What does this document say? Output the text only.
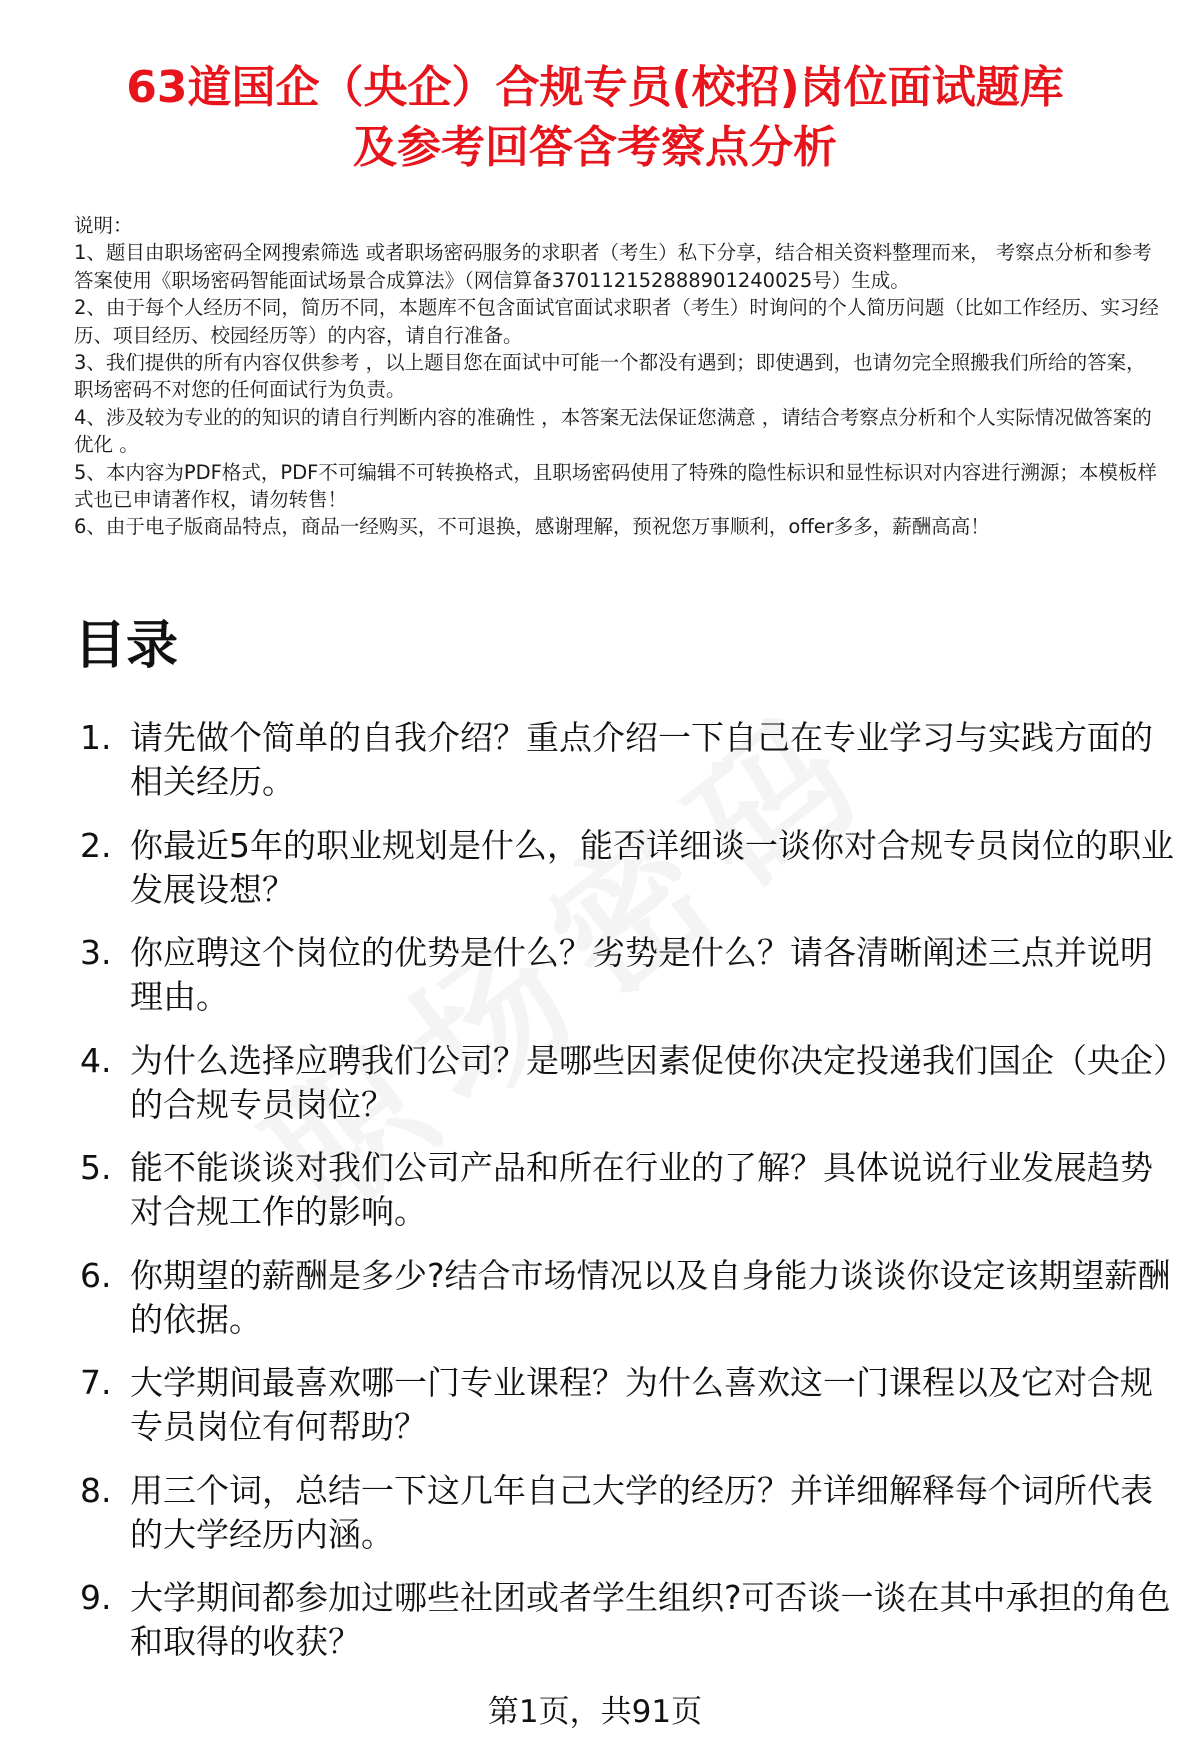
63道国企（央企）合规专员(校招)岗位面试题库
及参考回答含考察点分析

说明：

1、题目由职场密码全网搜索筛选 或者职场密码服务的求职者（考生）私下分享，结合相关资料整理而来， 考察点分析和参考答案使用《职场密码智能面试场景合成算法》（网信算备370112152888901240025号）生成。

2、由于每个人经历不同，简历不同，本题库不包含面试官面试求职者（考生）时询问的个人简历问题（比如工作经历、实习经历、项目经历、校园经历等）的内容，请自行准备。

3、我们提供的所有内容仅供参考 ，以上题目您在面试中可能一个都没有遇到；即使遇到，也请勿完全照搬我们所给的答案，职场密码不对您的任何面试行为负责。

4、涉及较为专业的的知识的请自行判断内容的准确性 ，本答案无法保证您满意 ，请结合考察点分析和个人实际情况做答案的优化 。

5、本内容为PDF格式，PDF不可编辑不可转换格式，且职场密码使用了特殊的隐性标识和显性标识对内容进行溯源；本模板样式也已申请著作权，请勿转售！

6、由于电子版商品特点，商品一经购买，不可退换，感谢理解，预祝您万事顺利，offer多多，薪酬高高！

目录
1. 请先做个简单的自我介绍？重点介绍一下自己在专业学习与实践方面的相关经历。
2. 你最近5年的职业规划是什么，能否详细谈一谈你对合规专员岗位的职业发展设想？
3. 你应聘这个岗位的优势是什么？劣势是什么？请各清晰阐述三点并说明理由。
4. 为什么选择应聘我们公司？是哪些因素促使你决定投递我们国企（央企）的合规专员岗位？
5. 能不能谈谈对我们公司产品和所在行业的了解？具体说说行业发展趋势对合规工作的影响。
6. 你期望的薪酬是多少?结合市场情况以及自身能力谈谈你设定该期望薪酬的依据。
7. 大学期间最喜欢哪一门专业课程？为什么喜欢这一门课程以及它对合规专员岗位有何帮助？
8. 用三个词，总结一下这几年自己大学的经历？并详细解释每个词所代表的大学经历内涵。
9. 大学期间都参加过哪些社团或者学生组织?可否谈一谈在其中承担的角色和取得的收获？
第1页，共91页
